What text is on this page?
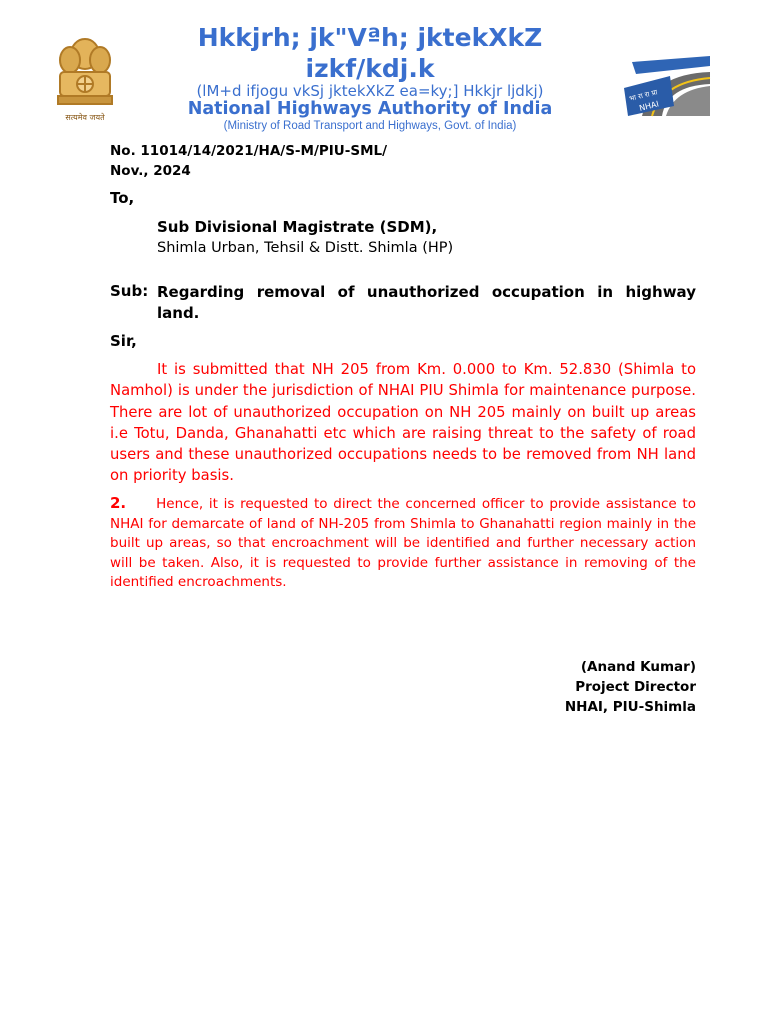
सत्यमेव जयते
भा रा रा प्रा
NHAI
Hkkjrh; jk"Vªh; jktekXkZ
izkf/kdj.k
(lM+d ifjogu vkSj jktekXkZ ea=ky;] Hkkjr ljdkj)
National Highways Authority of India
(Ministry of Road Transport and Highways, Govt. of India)
No. 11014/14/2021/HA/S-M/PIU-SML/
Nov., 2024
To,
Sub Divisional Magistrate (SDM),
Shimla Urban, Tehsil & Distt. Shimla (HP)
Sub: Regarding removal of unauthorized occupation in highway land.
Sir,
It is submitted that NH 205 from Km. 0.000 to Km. 52.830 (Shimla to Namhol) is under the jurisdiction of NHAI PIU Shimla for maintenance purpose. There are lot of unauthorized occupation on NH 205 mainly on built up areas i.e Totu, Danda, Ghanahatti etc which are raising threat to the safety of road users and these unauthorized occupations needs to be removed from NH land on priority basis.
2. Hence, it is requested to direct the concerned officer to provide assistance to NHAI for demarcate of land of NH-205 from Shimla to Ghanahatti region mainly in the built up areas, so that encroachment will be identified and further necessary action will be taken. Also, it is requested to provide further assistance in removing of the identified encroachments.
(Anand Kumar)
Project Director
NHAI, PIU-Shimla
